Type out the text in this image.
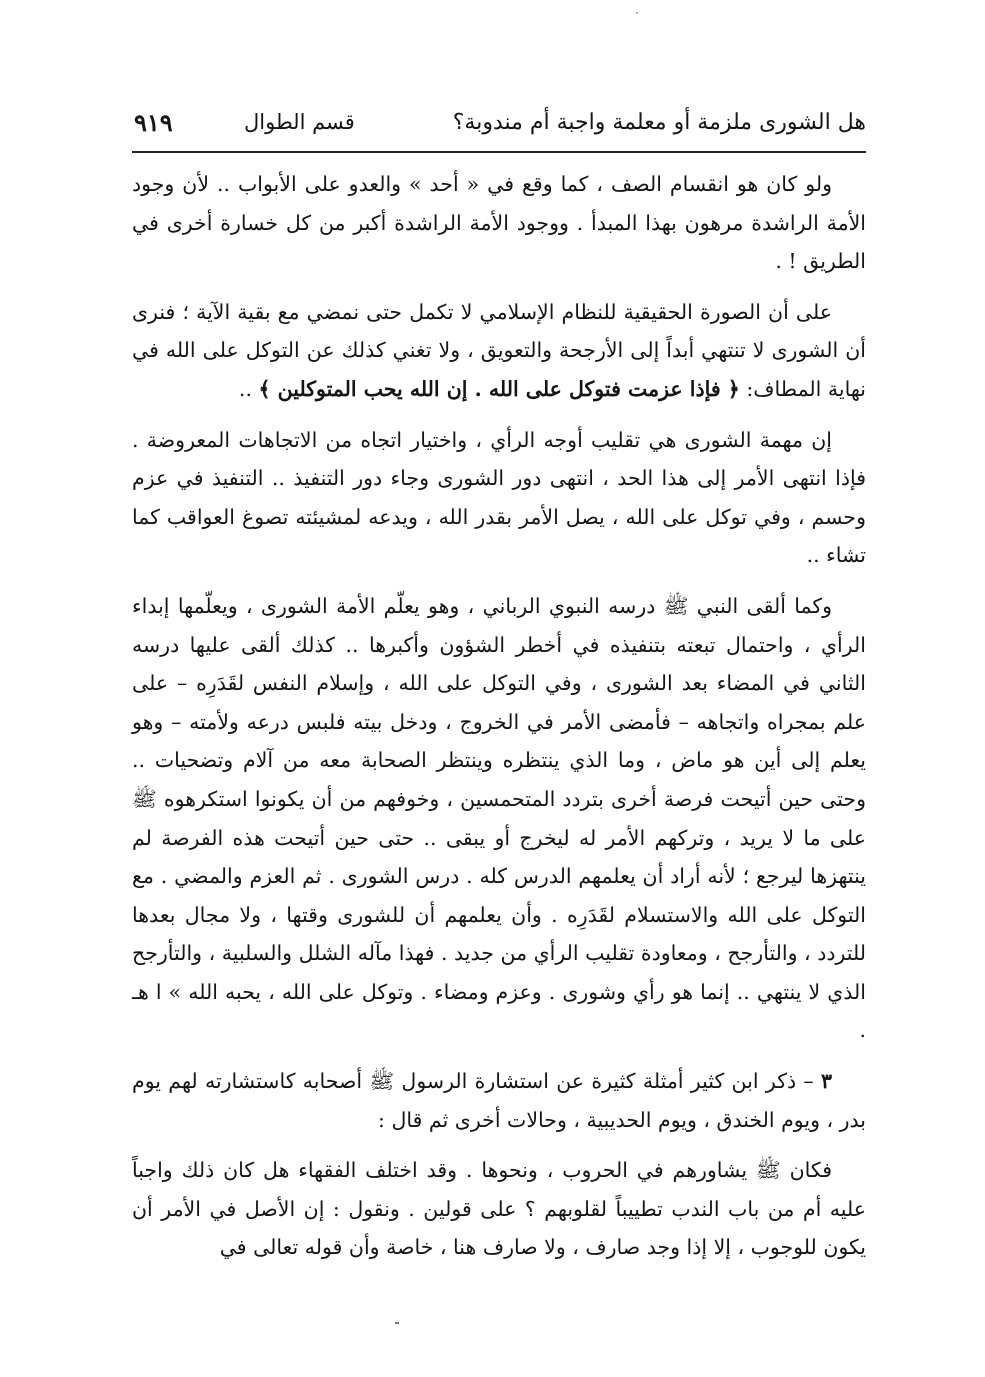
هل الشورى ملزمة أو معلمة واجبة أم مندوبة؟
قسم الطوال
٩١٩

ولو كان هو انقسام الصف ، كما وقع في « أحد » والعدو على الأبواب .. لأن وجود الأمة الراشدة مرهون بهذا المبدأ . ووجود الأمة الراشدة أكبر من كل خسارة أخرى في الطريق ! .

على أن الصورة الحقيقية للنظام الإسلامي لا تكمل حتى نمضي مع بقية الآية ؛ فنرى أن الشورى لا تنتهي أبداً إلى الأرجحة والتعويق ، ولا تغني كذلك عن التوكل على الله في نهاية المطاف: ﴿ فإذا عزمت فتوكل على الله . إن الله يحب المتوكلين ﴾ ..

إن مهمة الشورى هي تقليب أوجه الرأي ، واختيار اتجاه من الاتجاهات المعروضة . فإذا انتهى الأمر إلى هذا الحد ، انتهى دور الشورى وجاء دور التنفيذ .. التنفيذ في عزم وحسم ، وفي توكل على الله ، يصل الأمر بقدر الله ، ويدعه لمشيئته تصوغ العواقب كما تشاء ..

وكما ألقى النبي ﷺ درسه النبوي الرباني ، وهو يعلّم الأمة الشورى ، ويعلّمها إبداء الرأي ، واحتمال تبعته بتنفيذه في أخطر الشؤون وأكبرها .. كذلك ألقى عليها درسه الثاني في المضاء بعد الشورى ، وفي التوكل على الله ، وإسلام النفس لقَدَرِه – على علم بمجراه واتجاهه – فأمضى الأمر في الخروج ، ودخل بيته فلبس درعه ولأمته – وهو يعلم إلى أين هو ماض ، وما الذي ينتظره وينتظر الصحابة معه من آلام وتضحيات .. وحتى حين أتيحت فرصة أخرى بتردد المتحمسين ، وخوفهم من أن يكونوا استكرهوه ﷺ على ما لا يريد ، وتركهم الأمر له ليخرج أو يبقى .. حتى حين أتيحت هذه الفرصة لم ينتهزها ليرجع ؛ لأنه أراد أن يعلمهم الدرس كله . درس الشورى . ثم العزم والمضي . مع التوكل على الله والاستسلام لقَدَرِه . وأن يعلمهم أن للشورى وقتها ، ولا مجال بعدها للتردد ، والتأرجح ، ومعاودة تقليب الرأي من جديد . فهذا مآله الشلل والسلبية ، والتأرجح الذي لا ينتهي .. إنما هو رأي وشورى . وعزم ومضاء . وتوكل على الله ، يحبه الله » ا هـ .

٣ – ذكر ابن كثير أمثلة كثيرة عن استشارة الرسول ﷺ أصحابه كاستشارته لهم يوم بدر ، ويوم الخندق ، ويوم الحديبية ، وحالات أخرى ثم قال :

فكان ﷺ يشاورهم في الحروب ، ونحوها . وقد اختلف الفقهاء هل كان ذلك واجباً عليه أم من باب الندب تطييباً لقلوبهم ؟ على قولين . ونقول : إن الأصل في الأمر أن يكون للوجوب ، إلا إذا وجد صارف ، ولا صارف هنا ، خاصة وأن قوله تعالى في
